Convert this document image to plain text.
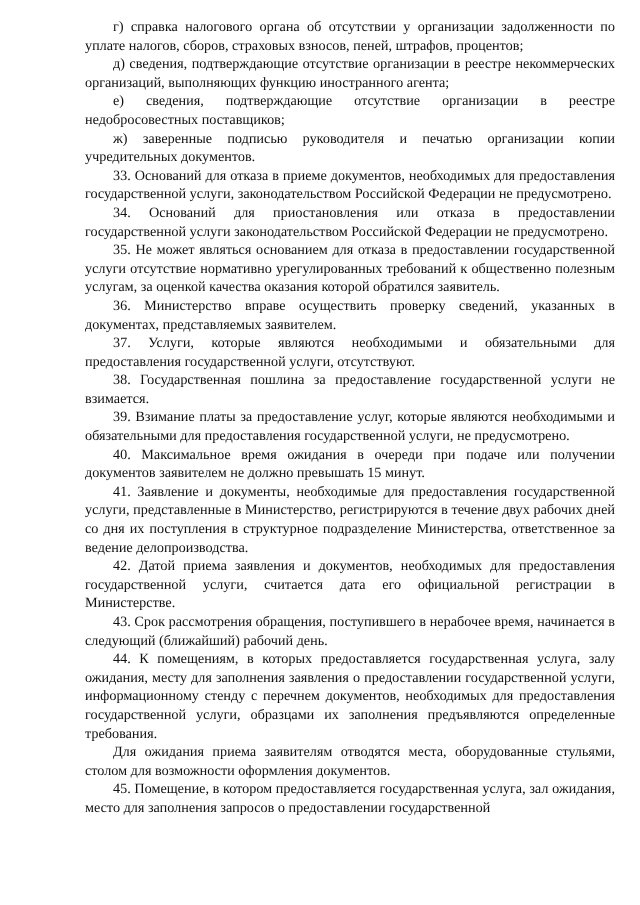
г) справка налогового органа об отсутствии у организации задолженности по уплате налогов, сборов, страховых взносов, пеней, штрафов, процентов;

д) сведения, подтверждающие отсутствие организации в реестре некоммерческих организаций, выполняющих функцию иностранного агента;

е) сведения, подтверждающие отсутствие организации в реестре недобросовестных поставщиков;

ж) заверенные подписью руководителя и печатью организации копии учредительных документов.

33. Оснований для отказа в приеме документов, необходимых для предоставления государственной услуги, законодательством Российской Федерации не предусмотрено.

34. Оснований для приостановления или отказа в предоставлении государственной услуги законодательством Российской Федерации не предусмотрено.

35. Не может являться основанием для отказа в предоставлении государственной услуги отсутствие нормативно урегулированных требований к общественно полезным услугам, за оценкой качества оказания которой обратился заявитель.

36. Министерство вправе осуществить проверку сведений, указанных в документах, представляемых заявителем.

37. Услуги, которые являются необходимыми и обязательными для предоставления государственной услуги, отсутствуют.

38. Государственная пошлина за предоставление государственной услуги не взимается.

39. Взимание платы за предоставление услуг, которые являются необходимыми и обязательными для предоставления государственной услуги, не предусмотрено.

40. Максимальное время ожидания в очереди при подаче или получении документов заявителем не должно превышать 15 минут.

41. Заявление и документы, необходимые для предоставления государственной услуги, представленные в Министерство, регистрируются в течение двух рабочих дней со дня их поступления в структурное подразделение Министерства, ответственное за ведение делопроизводства.

42. Датой приема заявления и документов, необходимых для предоставления государственной услуги, считается дата его официальной регистрации в Министерстве.

43. Срок рассмотрения обращения, поступившего в нерабочее время, начинается в следующий (ближайший) рабочий день.

44. К помещениям, в которых предоставляется государственная услуга, залу ожидания, месту для заполнения заявления о предоставлении государственной услуги, информационному стенду с перечнем документов, необходимых для предоставления государственной услуги, образцами их заполнения предъявляются определенные требования.

Для ожидания приема заявителям отводятся места, оборудованные стульями, столом для возможности оформления документов.

45. Помещение, в котором предоставляется государственная услуга, зал ожидания, место для заполнения запросов о предоставлении государственной
